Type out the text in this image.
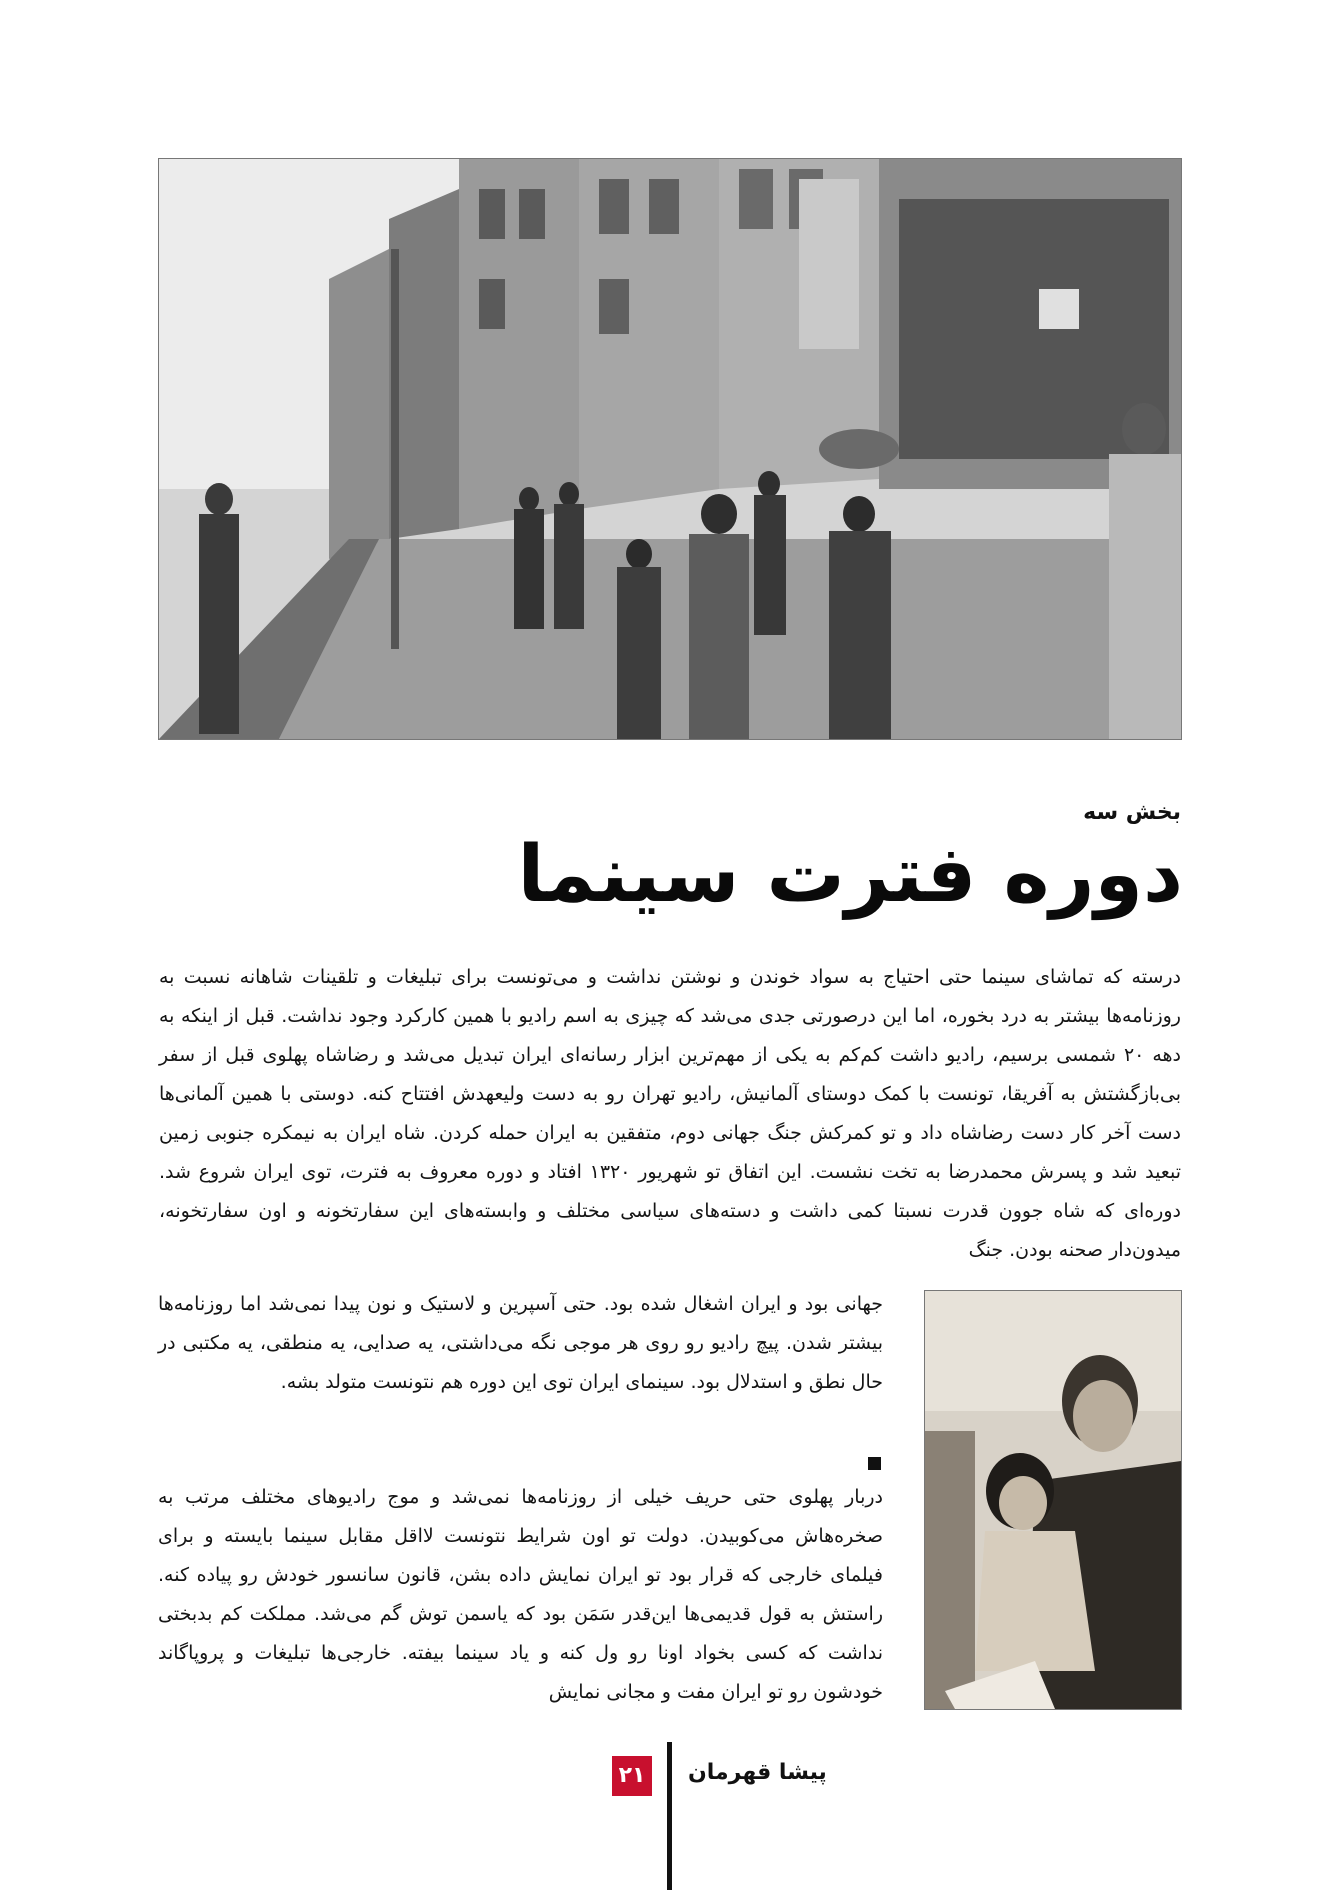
بخش سه
دوره فترت سینما

درسته که تماشای سینما حتی احتیاج به سواد خوندن و نوشتن نداشت و می‌تونست برای تبلیغات و تلقینات شاهانه نسبت به روزنامه‌ها بیشتر به درد بخوره، اما این درصورتی جدی می‌شد که چیزی به اسم رادیو با همین کارکرد وجود نداشت. قبل از اینکه به دهه ۲۰ شمسی برسیم، رادیو داشت کم‌کم به یکی از مهم‌ترین ابزار رسانه‌ای ایران تبدیل می‌شد و رضاشاه پهلوی قبل از سفر بی‌بازگشتش به آفریقا، تونست با کمک دوستای آلمانیش، رادیو تهران رو به دست ولیعهدش افتتاح کنه. دوستی با همین آلمانی‌ها دست آخر کار دست رضاشاه داد و تو کمرکش جنگ جهانی دوم، متفقین به ایران حمله کردن. شاه ایران به نیمکره جنوبی زمین تبعید شد و پسرش محمدرضا به تخت نشست. این اتفاق تو شهریور ۱۳۲۰ افتاد و دوره معروف به فترت، توی ایران شروع شد. دوره‌ای که شاه جوون قدرت نسبتا کمی داشت و دسته‌های سیاسی مختلف و وابسته‌های این سفارتخونه و اون سفارتخونه، میدون‌دار صحنه بودن. جنگ

جهانی بود و ایران اشغال شده بود. حتی آسپرین و لاستیک و نون پیدا نمی‌شد اما روزنامه‌ها بیشتر شدن. پیچ رادیو رو روی هر موجی نگه می‌داشتی، یه صدایی، یه منطقی، یه مکتبی در حال نطق و استدلال بود. سینمای ایران توی این دوره هم نتونست متولد بشه.

دربار پهلوی حتی حریف خیلی از روزنامه‌ها نمی‌شد و موج رادیوهای مختلف مرتب به صخره‌هاش می‌کوبیدن. دولت تو اون شرایط نتونست لااقل مقابل سینما بایسته و برای فیلمای خارجی که قرار بود تو ایران نمایش داده بشن، قانون سانسور خودش رو پیاده کنه. راستش به قول قدیمی‌ها این‌قدر سَمَن بود که یاسمن توش گم می‌شد. مملکت کم بدبختی نداشت که کسی بخواد اونا رو ول کنه و یاد سینما بیفته. خارجی‌ها تبلیغات و پروپاگاند خودشون رو تو ایران مفت و مجانی نمایش

۲۱ پیشا قهرمان
